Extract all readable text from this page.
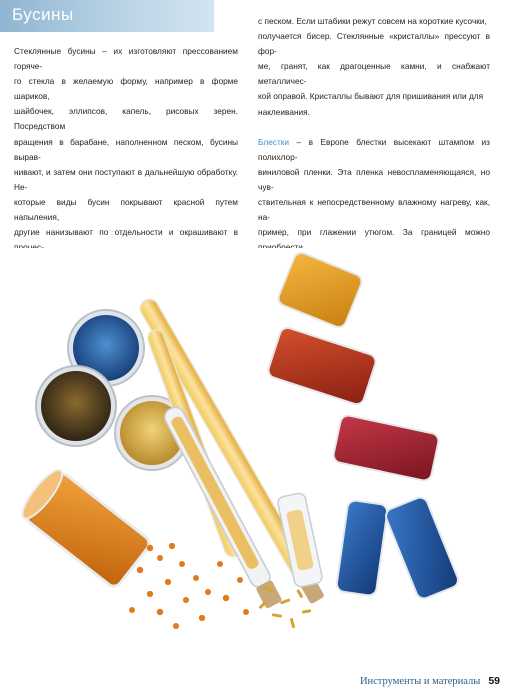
Бусины

Стеклянные бусины – их изготовляют прессованием горяче-

го стекла в желаемую форму, например в форме шариков,

шайбочек, эллипсов, капель, рисовых зерен. Посредством

вращения в барабане, наполненном песком, бусины вырав-

нивают, и затем они поступают в дальнейшую обработку. Не-

которые виды бусин покрывают красной путем напыления,

другие нанизывают по отдельности и окрашивают в

с песком. Если штабики режут совсем на короткие кусочки,

получается бисер. Стеклянные «кристаллы» прессуют в фор-

ме, гранят, как драгоценные камни, и снабжают металличес-

кой оправой. Кристаллы бывают для пришивания или для

наклеивания.

Блестки – в Европе блестки высекают штампом из полихлор-

виниловой пленки. Эта пленка невоспламеняющаяся, но чув-

ствительная к непосредственному влажному нагреву, как, на-

пример, при глажении утюгом. За границей можно

Инструменты и материалы 59
